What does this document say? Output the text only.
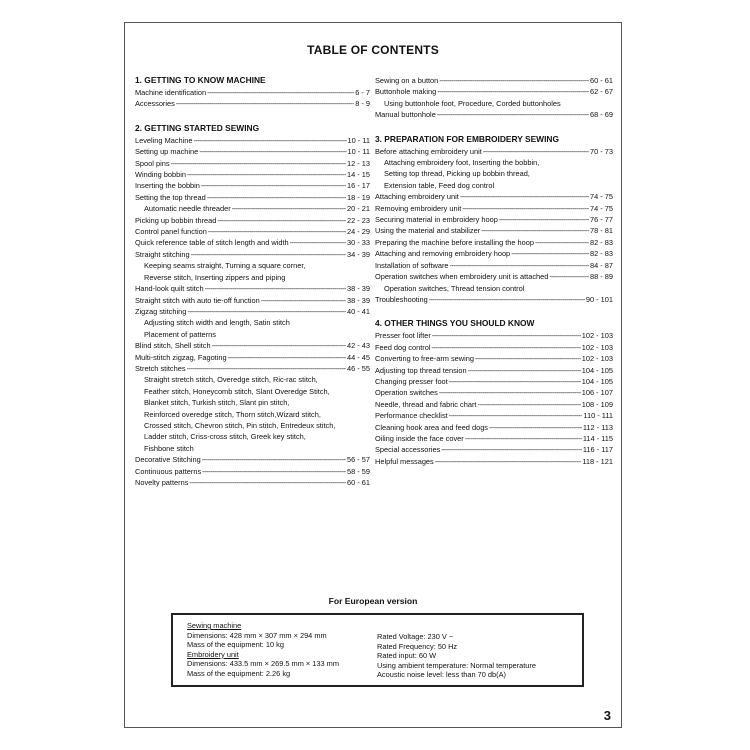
TABLE OF CONTENTS
1. GETTING TO KNOW MACHINE
Machine identification -----	6 - 7
Accessories -----	8 - 9
2. GETTING STARTED SEWING
Leveling Machine -----	10 - 11
Setting up machine -----	10 - 11
Spool pins -----	12 - 13
Winding bobbin -----	14 - 15
Inserting the bobbin -----	16 - 17
Setting the top thread -----	18 - 19
Automatic needle threader -----	20 - 21
Picking up bobbin thread -----	22 - 23
Control panel function -----	24 - 29
Quick reference table of stitch length and width -----	30 - 33
Straight stitching -----	34 - 39
Keeping seams straight, Turning a square corner,
Reverse stitch, Inserting zippers and piping
Hand-look quilt stitch -----	38 - 39
Straight stitch with auto tie-off function -----	38 - 39
Zigzag stitching -----	40 - 41
Adjusting stitch width and length, Satin stitch
Placement of patterns
Blind stitch, Shell stitch -----	42 - 43
Multi-stitch zigzag, Fagoting -----	44 - 45
Stretch stitches -----	46 - 55
Straight stretch stitch, Overedge stitch, Ric-rac stitch,
Feather stitch, Honeycomb stitch, Slant Overedge Stitch,
Blanket stitch, Turkish stitch, Slant pin stitch,
Reinforced overedge stitch, Thorn stitch,Wizard stitch,
Crossed stitch, Chevron stitch, Pin stitch, Entredeux stitch,
Ladder stitch, Criss-cross stitch, Greek key stitch,
Fishbone stitch
Decorative Stitching -----	56 - 57
Continuous patterns -----	58 - 59
Novelty patterns -----	60 - 61
Sewing on a button -----	60 - 61
Buttonhole making -----	62 - 67
Using buttonhole foot, Procedure, Corded buttonholes
Manual buttonhole -----	68 - 69
3. PREPARATION FOR EMBROIDERY SEWING
Before attaching embroidery unit -----	70 - 73
Attaching embroidery foot, Inserting the bobbin,
Setting top thread, Picking up bobbin thread,
Extension table, Feed dog control
Attaching embroidery unit -----	74 - 75
Removing embroidery unit -----	74 - 75
Securing material in embroidery hoop -----	76 - 77
Using the material and stabilizer -----	78 - 81
Preparing the machine before installing the hoop -----	82 - 83
Attaching and removing embroidery hoop -----	82 - 83
Installation of software -----	84 - 87
Operation switches when embroidery unit is attached -----	88 - 89
Operation switches, Thread tension control
Troubleshooting -----	90 - 101
4. OTHER THINGS YOU SHOULD KNOW
Presser foot lifter -----	102 - 103
Feed dog control -----	102 - 103
Converting to free-arm sewing -----	102 - 103
Adjusting top thread tension -----	104 - 105
Changing presser foot -----	104 - 105
Operation switches -----	106 - 107
Needle, thread and fabric chart -----	108 - 109
Performance checklist -----	110 - 111
Cleaning hook area and feed dogs -----	112 - 113
Oiling inside the face cover -----	114 - 115
Special accessories -----	116 - 117
Helpful messages -----	118 - 121
For European version
Sewing machine
Dimensions: 428 mm × 307 mm × 294 mm
Mass of the equipment: 10 kg
Embroidery unit
Dimensions: 433.5 mm × 269.5 mm × 133 mm
Mass of the equipment: 2.26 kg
Rated Voltage: 230 V ~
Rated Frequency: 50 Hz
Rated input: 60 W
Using ambient temperature: Normal temperature
Acoustic noise level: less than 70 db(A)
3
